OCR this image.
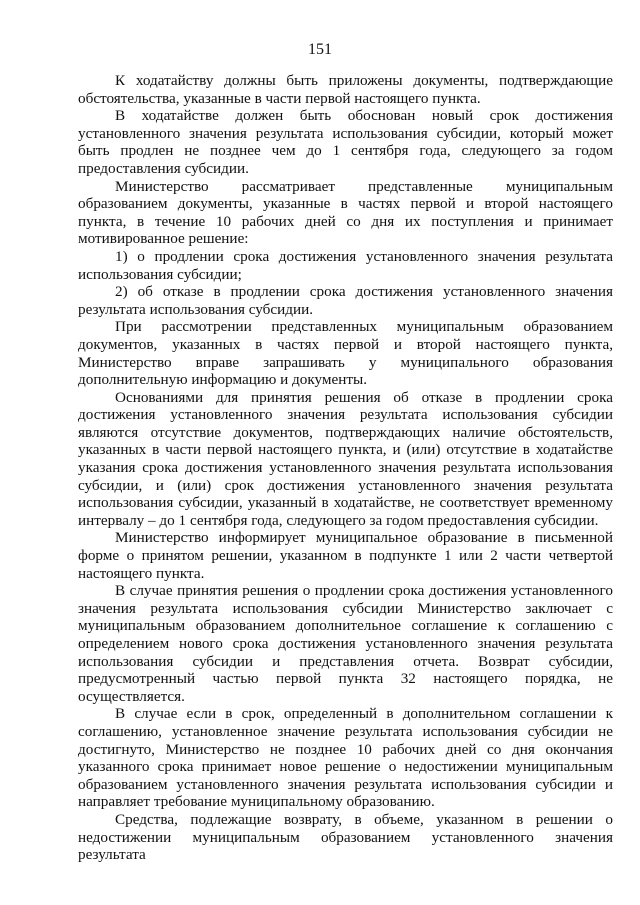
151

К ходатайству должны быть приложены документы, подтверждающие обстоятельства, указанные в части первой настоящего пункта.

В ходатайстве должен быть обоснован новый срок достижения установленного значения результата использования субсидии, который может быть продлен не позднее чем до 1 сентября года, следующего за годом предоставления субсидии.

Министерство рассматривает представленные муниципальным образованием документы, указанные в частях первой и второй настоящего пункта, в течение 10 рабочих дней со дня их поступления и принимает мотивированное решение:

1) о продлении срока достижения установленного значения результата использования субсидии;

2) об отказе в продлении срока достижения установленного значения результата использования субсидии.

При рассмотрении представленных муниципальным образованием документов, указанных в частях первой и второй настоящего пункта, Министерство вправе запрашивать у муниципального образования дополнительную информацию и документы.

Основаниями для принятия решения об отказе в продлении срока достижения установленного значения результата использования субсидии являются отсутствие документов, подтверждающих наличие обстоятельств, указанных в части первой настоящего пункта, и (или) отсутствие в ходатайстве указания срока достижения установленного значения результата использования субсидии, и (или) срок достижения установленного значения результата использования субсидии, указанный в ходатайстве, не соответствует временному интервалу – до 1 сентября года, следующего за годом предоставления субсидии.

Министерство информирует муниципальное образование в письменной форме о принятом решении, указанном в подпункте 1 или 2 части четвертой настоящего пункта.

В случае принятия решения о продлении срока достижения установленного значения результата использования субсидии Министерство заключает с муниципальным образованием дополнительное соглашение к соглашению с определением нового срока достижения установленного значения результата использования субсидии и представления отчета. Возврат субсидии, предусмотренный частью первой пункта 32 настоящего порядка, не осуществляется.

В случае если в срок, определенный в дополнительном соглашении к соглашению, установленное значение результата использования субсидии не достигнуто, Министерство не позднее 10 рабочих дней со дня окончания указанного срока принимает новое решение о недостижении муниципальным образованием установленного значения результата использования субсидии и направляет требование муниципальному образованию.

Средства, подлежащие возврату, в объеме, указанном в решении о недостижении муниципальным образованием установленного значения результата
